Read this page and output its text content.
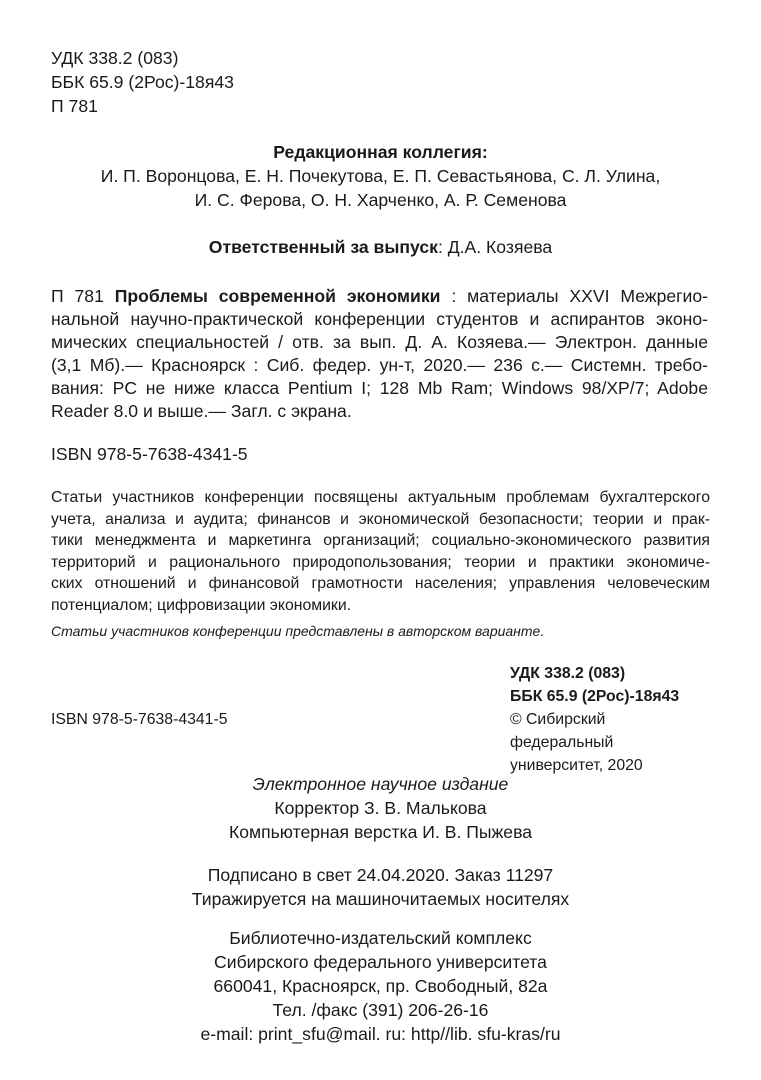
УДК 338.2 (083)
ББК 65.9 (2Рос)-18я43
П 781
Редакционная коллегия:
И. П. Воронцова, Е. Н. Почекутова, Е. П. Севастьянова, С. Л. Улина,
И. С. Ферова, О. Н. Харченко, А. Р. Семенова
Ответственный за выпуск: Д.А. Козяева
П 781 Проблемы современной экономики : материалы XXVI Межрегио-
нальной научно-практической конференции студентов и аспирантов эконо-
мических специальностей / отв. за вып. Д. А. Козяева.— Электрон. данные
(3,1 Мб).— Красноярск : Сиб. федер. ун-т, 2020.— 236 с.— Системн. требо-
вания: PC не ниже класса Pentium I; 128 Mb Ram; Windows 98/XP/7; Adobe
Reader 8.0 и выше.— Загл. с экрана.
ISBN 978-5-7638-4341-5
Статьи участников конференции посвящены актуальным проблемам бухгалтерского
учета, анализа и аудита; финансов и экономической безопасности; теории и прак-
тики менеджмента и маркетинга организаций; социально-экономического развития
территорий и рационального природопользования; теории и практики экономиче-
ских отношений и финансовой грамотности населения; управления человеческим
потенциалом; цифровизации экономики.
Статьи участников конференции представлены в авторском варианте.
УДК 338.2 (083)
ББК 65.9 (2Рос)-18я43
ISBN 978-5-7638-4341-5	© Сибирский
федеральный
университет, 2020
Электронное научное издание
Корректор З. В. Малькова
Компьютерная верстка И. В. Пыжева
Подписано в свет 24.04.2020. Заказ 11297
Тиражируется на машиночитаемых носителях
Библиотечно-издательский комплекс
Сибирского федерального университета
660041, Красноярск, пр. Свободный, 82а
Тел. /факс (391) 206-26-16
e-mail: print_sfu@mail. ru: http//lib. sfu-kras/ru
